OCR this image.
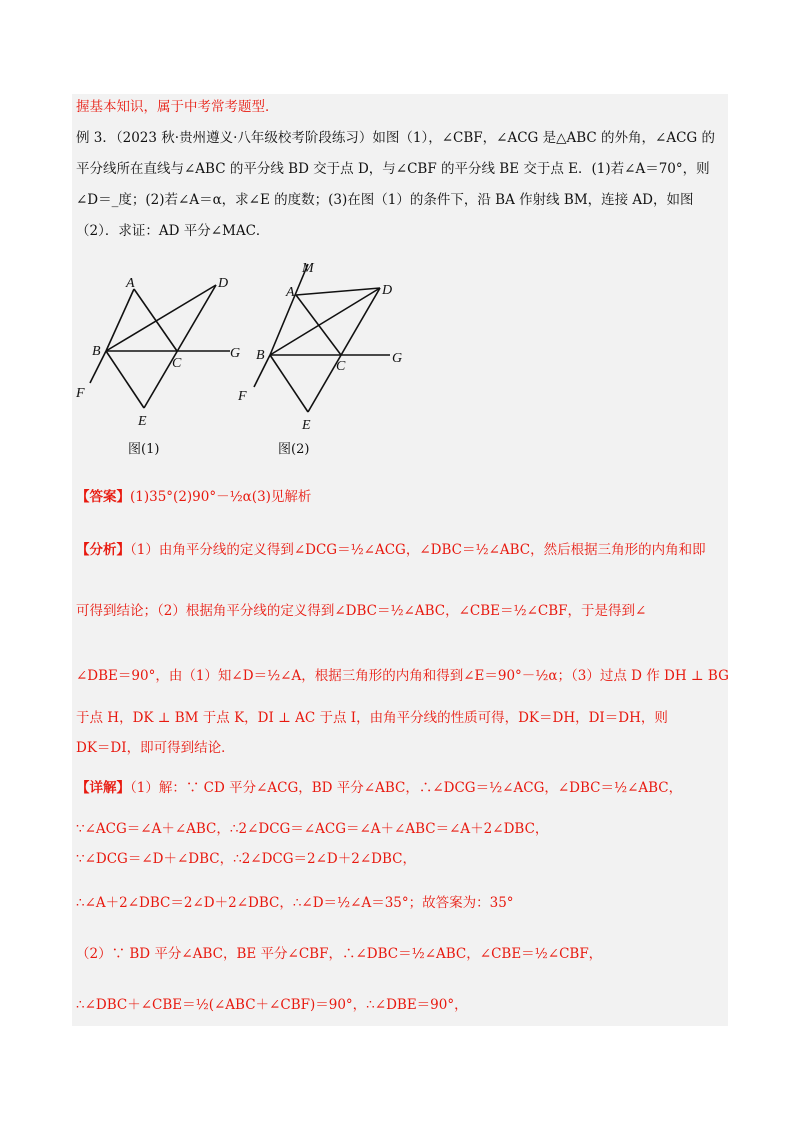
握基本知识，属于中考常考题型．
例 3．（2023 秋·贵州遵义·八年级校考阶段练习）如图（1），∠CBF，∠ACG 是△ABC 的外角，∠ACG 的
平分线所在直线与∠ABC 的平分线 BD 交于点 D，与∠CBF 的平分线 BE 交于点 E．(1)若∠A＝70°，则
∠D＝_度；(2)若∠A＝α，求∠E 的度数；(3)在图（1）的条件下，沿 BA 作射线 BM，连接 AD，如图
（2）．求证：AD 平分∠MAC．
A	D
B
C
G
F
E
图(1)
M
A	D
B
C
G
F
E
图(2)
【答案】(1)35°(2)90°－½α(3)见解析
【分析】（1）由角平分线的定义得到∠DCG＝½∠ACG，∠DBC＝½∠ABC，然后根据三角形的内角和即
可得到结论；（2）根据角平分线的定义得到∠DBC＝½∠ABC，∠CBE＝½∠CBF，于是得到∠
∠DBE＝90°，由（1）知∠D＝½∠A，根据三角形的内角和得到∠E＝90°－½α；（3）过点 D 作 DH ⊥ BG
于点 H，DK ⊥ BM 于点 K，DI ⊥ AC 于点 I，由角平分线的性质可得，DK＝DH，DI＝DH，则
DK＝DI，即可得到结论．
【详解】（1）解：∵ CD 平分∠ACG，BD 平分∠ABC，∴∠DCG＝½∠ACG，∠DBC＝½∠ABC，
∵∠ACG＝∠A＋∠ABC，∴2∠DCG＝∠ACG＝∠A＋∠ABC＝∠A＋2∠DBC，
∵∠DCG＝∠D＋∠DBC，∴2∠DCG＝2∠D＋2∠DBC，
∴∠A＋2∠DBC＝2∠D＋2∠DBC，∴∠D＝½∠A＝35°；故答案为：35°
（2）∵ BD 平分∠ABC，BE 平分∠CBF，∴∠DBC＝½∠ABC，∠CBE＝½∠CBF，
∴∠DBC＋∠CBE＝½(∠ABC＋∠CBF)＝90°，∴∠DBE＝90°，
